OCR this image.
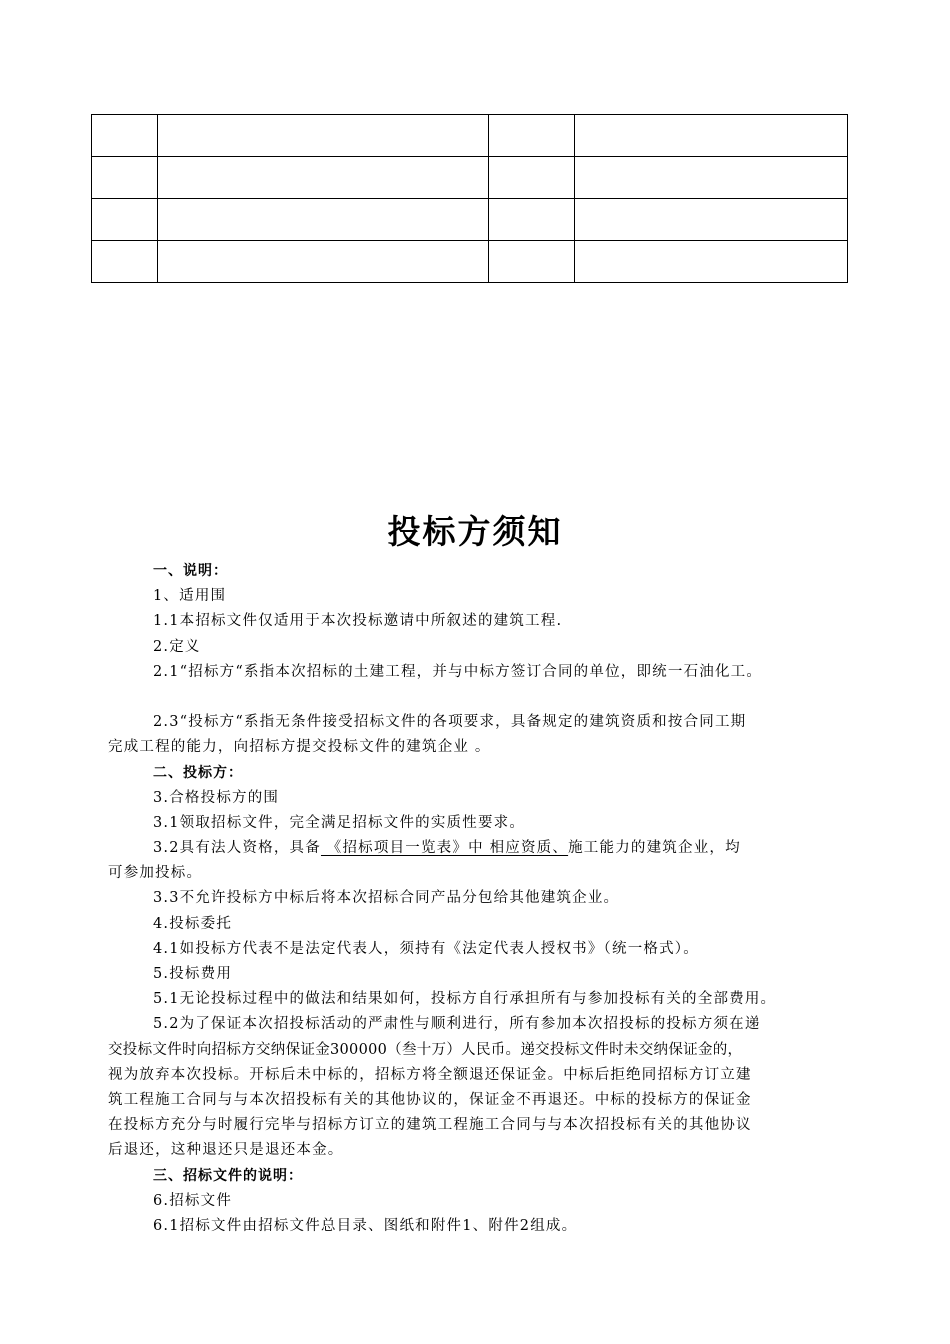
投标方须知
一、说明：
1、适用围
1.1本招标文件仅适用于本次投标邀请中所叙述的建筑工程.
2.定义
2.1“招标方“系指本次招标的土建工程，并与中标方签订合同的单位，即统一石油化工。
2.3“投标方“系指无条件接受招标文件的各项要求，具备规定的建筑资质和按合同工期
完成工程的能力，向招标方提交投标文件的建筑企业 。
二、投标方：
3.合格投标方的围
3.1领取招标文件，完全满足招标文件的实质性要求。
3.2具有法人资格，具备 《招标项目一览表》中 相应资质、施工能力的建筑企业，均
可参加投标。
3.3不允许投标方中标后将本次招标合同产品分包给其他建筑企业。
4.投标委托
4.1如投标方代表不是法定代表人，须持有《法定代表人授权书》（统一格式）。
5.投标费用
5.1无论投标过程中的做法和结果如何，投标方自行承担所有与参加投标有关的全部费用。
5.2为了保证本次招投标活动的严肃性与顺利进行，所有参加本次招投标的投标方须在递
交投标文件时向招标方交纳保证金300000（叁十万）人民币。递交投标文件时未交纳保证金的，
视为放弃本次投标。开标后未中标的，招标方将全额退还保证金。中标后拒绝同招标方订立建
筑工程施工合同与与本次招投标有关的其他协议的，保证金不再退还。中标的投标方的保证金
在投标方充分与时履行完毕与招标方订立的建筑工程施工合同与与本次招投标有关的其他协议
后退还，这种退还只是退还本金。
三、招标文件的说明：
6.招标文件
6.1招标文件由招标文件总目录、图纸和附件1、附件2组成。
